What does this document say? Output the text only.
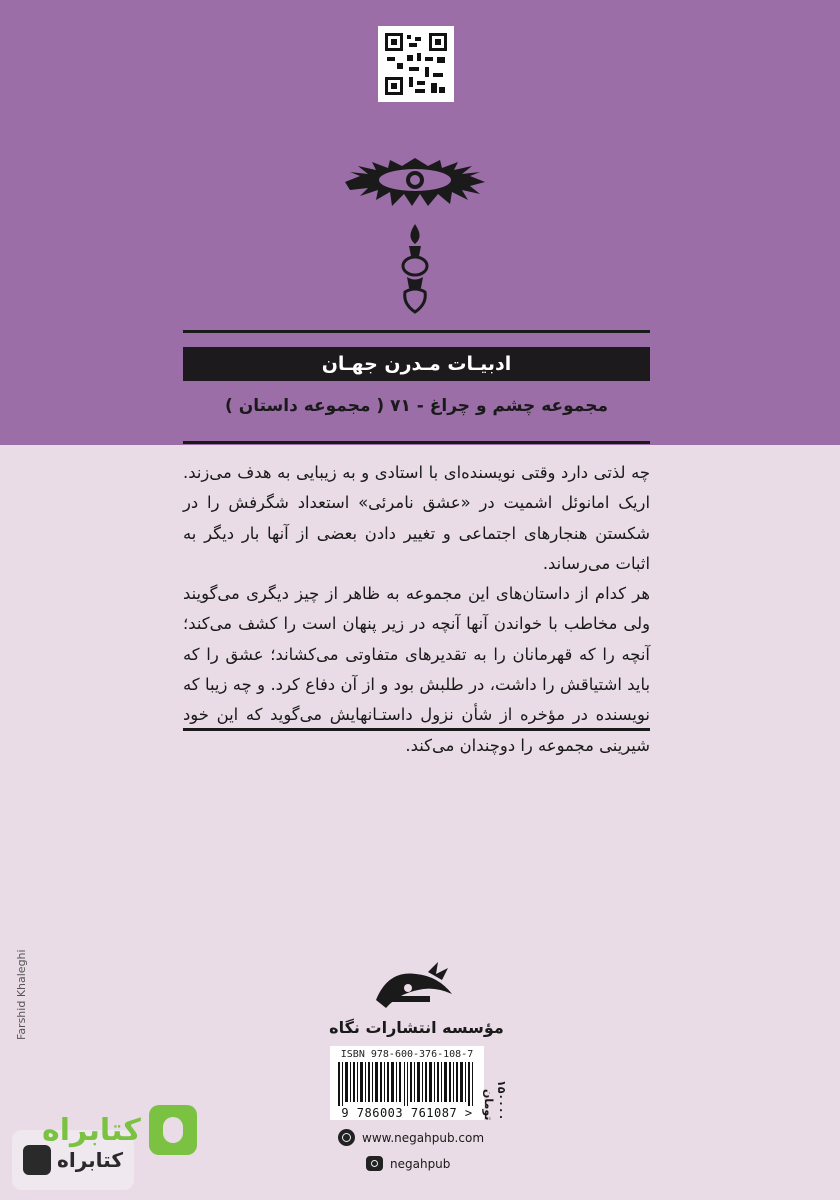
ادبیـات مـدرن جهـان
مجموعه چشم و چراغ - ۷۱ ( مجموعه داستان )

چه لذتی دارد وقتی نویسنده‌ای با استادی و به زیبایی به هدف می‌زند. اریک امانوئل اشمیت در «عشق نامرئی» استعداد شگرفش را در شکستن هنجارهای اجتماعی و تغییر دادن بعضی از آنها بار دیگر به اثبات می‌رساند.

هر کدام از داستان‌های این مجموعه به ظاهر از چیز دیگری می‌گویند ولی مخاطب با خواندن آنها آنچه در زیر پنهان است را کشف می‌کند؛ آنچه را که قهرمانان را به تقدیرهای متفاوتی می‌کشاند؛ عشق را که باید اشتیاقش را داشت، در طلبش بود و از آن دفاع کرد. و چه زیبا که نویسنده در مؤخره از شأن نزول داستـانهایش می‌گوید که این خود شیرینی مجموعه را دوچندان می‌کند.

Farshid Khaleghi	مؤسسه انتشارات نگاه
ISBN 978-600-376-108-7
9 786003 761087 >	۱۵۰۰۰۰ تومان
www.negahpub.com
negahpub
کتابراه
کتابراه
